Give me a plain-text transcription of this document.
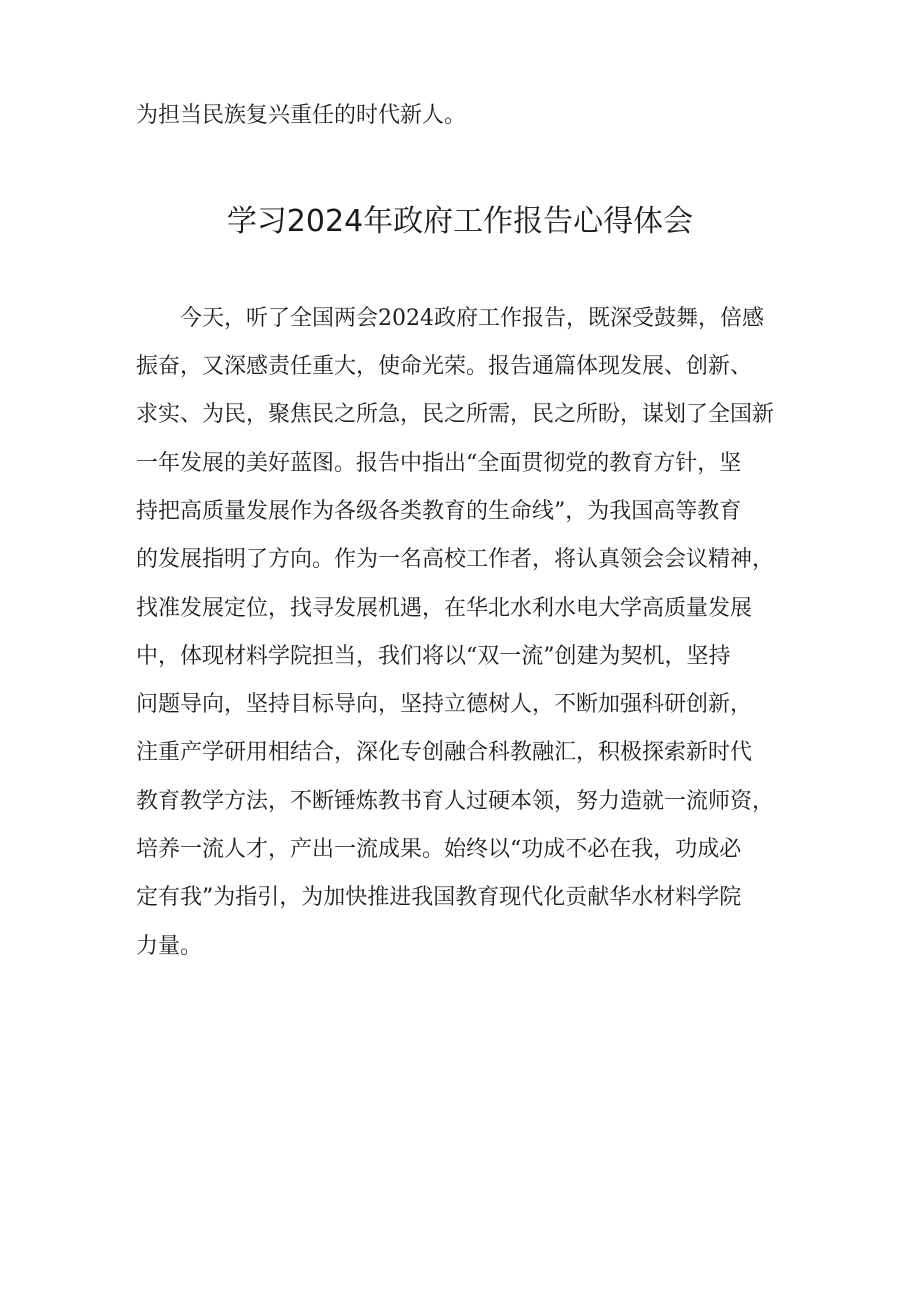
为担当民族复兴重任的时代新人。
学习2024年政府工作报告心得体会
今天，听了全国两会2024政府工作报告，既深受鼓舞，倍感
振奋，又深感责任重大，使命光荣。报告通篇体现发展、创新、
求实、为民，聚焦民之所急，民之所需，民之所盼，谋划了全国新
一年发展的美好蓝图。报告中指出“全面贯彻党的教育方针，坚
持把高质量发展作为各级各类教育的生命线”，为我国高等教育
的发展指明了方向。作为一名高校工作者，将认真领会会议精神，
找准发展定位，找寻发展机遇，在华北水利水电大学高质量发展
中，体现材料学院担当，我们将以“双一流”创建为契机，坚持
问题导向，坚持目标导向，坚持立德树人，不断加强科研创新，
注重产学研用相结合，深化专创融合科教融汇，积极探索新时代
教育教学方法，不断锤炼教书育人过硬本领，努力造就一流师资，
培养一流人才，产出一流成果。始终以“功成不必在我，功成必
定有我”为指引，为加快推进我国教育现代化贡献华水材料学院
力量。
